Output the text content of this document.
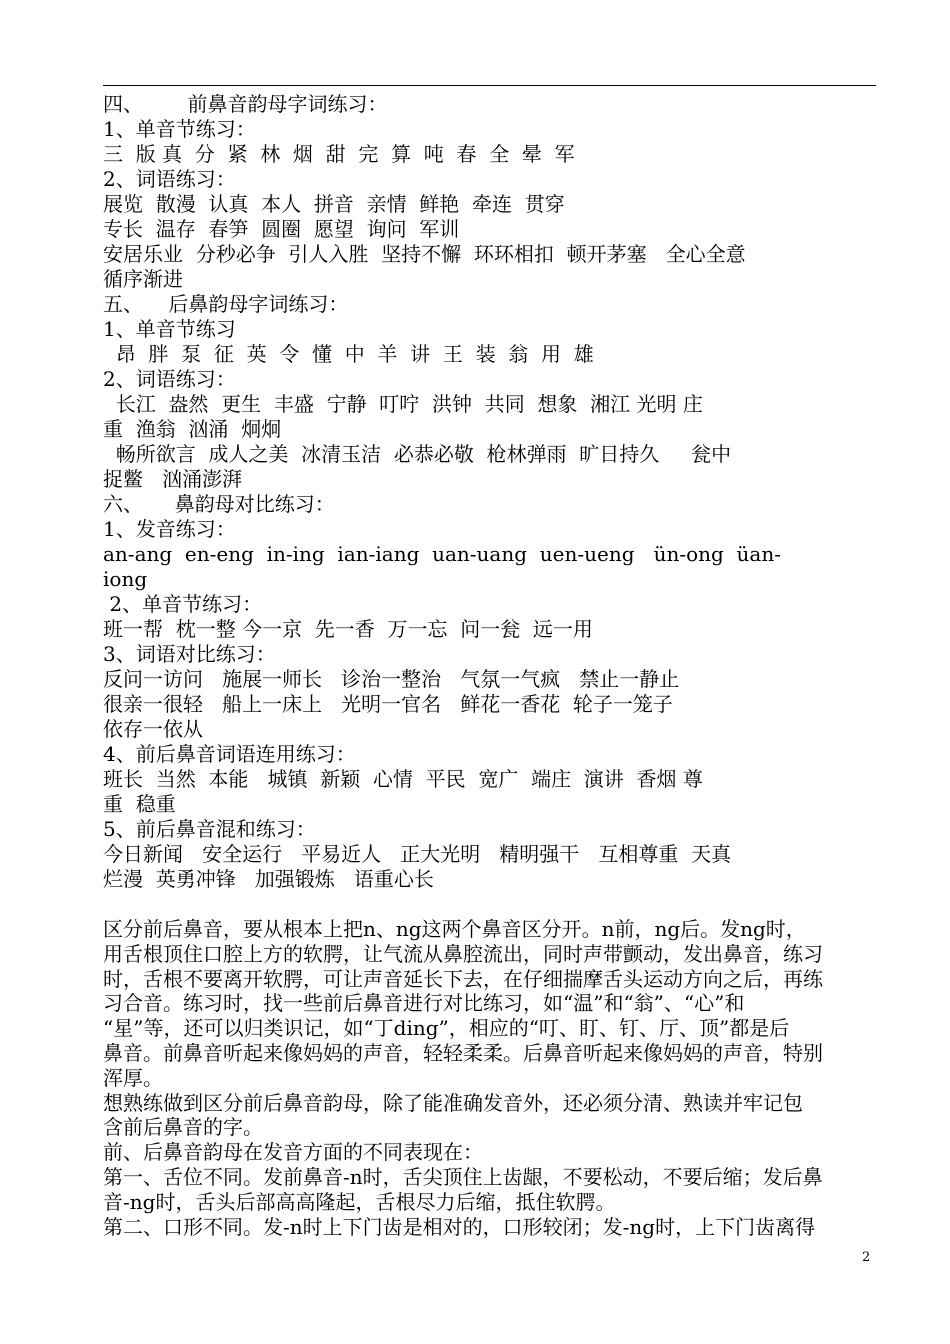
四、       前鼻音韵母字词练习：
1、单音节练习：
三  版 真  分  紧  林  烟  甜  完  算  吨  春  全  晕  军
2、词语练习：
展览  散漫  认真  本人  拼音  亲情  鲜艳  牵连  贯穿
专长  温存  春笋  圆圈  愿望  询问  军训
安居乐业  分秒必争  引人入胜  坚持不懈  环环相扣  顿开茅塞   全心全意
循序渐进
五、    后鼻韵母字词练习：
1、单音节练习
昂  胖  泵  征  英  令  懂  中  羊  讲  王  装  翁  用  雄
2、词语练习：
长江  盎然  更生  丰盛  宁静  叮咛  洪钟  共同  想象  湘江 光明 庄
重  渔翁  汹涌  炯炯
畅所欲言  成人之美  冰清玉洁  必恭必敬  枪林弹雨  旷日持久     瓮中
捉鳖   汹涌澎湃
六、     鼻韵母对比练习：
1、发音练习：
an-ang  en-eng  in-ing  ian-iang  uan-uang  uen-ueng   ün-ong  üan-
iong
2、单音节练习：
班一帮  枕一整 今一京  先一香  万一忘  问一瓮  远一用
3、词语对比练习：
反问一访问   施展一师长   诊治一整治   气氛一气疯   禁止一静止
很亲一很轻   船上一床上   光明一官名   鲜花一香花  轮子一笼子
依存一依从
4、前后鼻音词语连用练习：
班长  当然  本能   城镇  新颖  心情  平民  宽广  端庄  演讲  香烟 尊
重  稳重
5、前后鼻音混和练习：
今日新闻   安全运行   平易近人   正大光明   精明强干   互相尊重  天真
烂漫  英勇冲锋   加强锻炼   语重心长
区分前后鼻音，要从根本上把n、ng这两个鼻音区分开。n前，ng后。发ng时，
用舌根顶住口腔上方的软腭，让气流从鼻腔流出，同时声带颤动，发出鼻音，练习
时，舌根不要离开软腭，可让声音延长下去，在仔细揣摩舌头运动方向之后，再练
习合音。练习时，找一些前后鼻音进行对比练习，如“温”和“翁”、“心”和
“星”等，还可以归类识记，如“丁ding”，相应的“叮、盯、钉、厅、顶”都是后
鼻音。前鼻音听起来像妈妈的声音，轻轻柔柔。后鼻音听起来像妈妈的声音，特别
浑厚。
想熟练做到区分前后鼻音韵母，除了能准确发音外，还必须分清、熟读并牢记包
含前后鼻音的字。
前、后鼻音韵母在发音方面的不同表现在：
第一、舌位不同。发前鼻音-n时，舌尖顶住上齿龈，不要松动，不要后缩；发后鼻
音-ng时，舌头后部高高隆起，舌根尽力后缩，抵住软腭。
第二、口形不同。发-n时上下门齿是相对的，口形较闭；发-ng时，上下门齿离得
2
